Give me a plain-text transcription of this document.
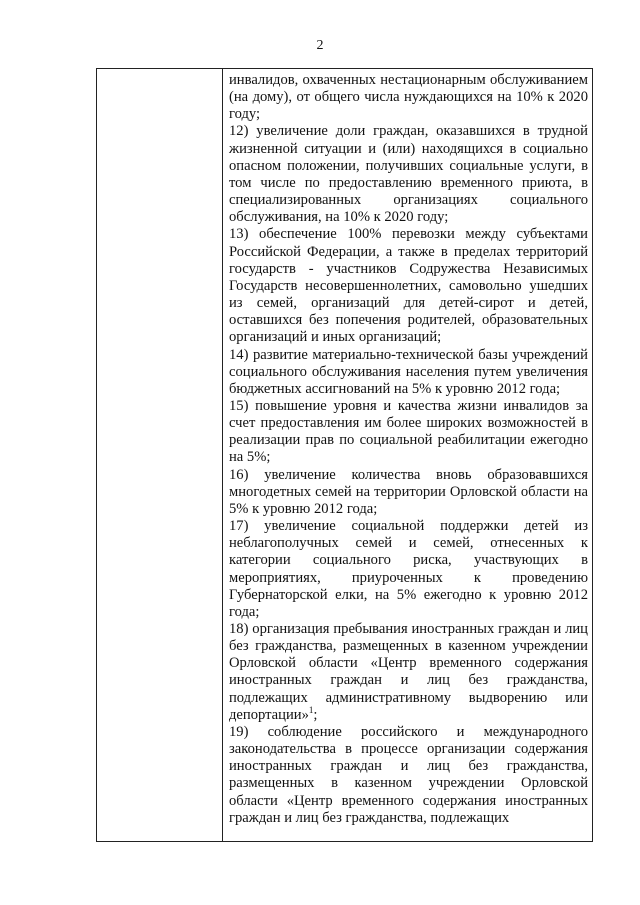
2
инвалидов, охваченных нестационарным обслуживанием
(на дому), от общего числа нуждающихся на 10% к 2020
году;
12) увеличение доли граждан, оказавшихся в трудной
жизненной ситуации и (или) находящихся в социально
опасном положении, получивших социальные услуги, в
том числе по предоставлению временного приюта, в
специализированных организациях социального
обслуживания, на 10% к 2020 году;
13) обеспечение 100% перевозки между субъектами
Российской Федерации, а также в пределах территорий
государств - участников Содружества Независимых
Государств несовершеннолетних, самовольно ушедших
из семей, организаций для детей-сирот и детей,
оставшихся без попечения родителей, образовательных
организаций и иных организаций;
14) развитие материально-технической базы учреждений
социального обслуживания населения путем увеличения
бюджетных ассигнований на 5% к уровню 2012 года;
15) повышение уровня и качества жизни инвалидов за
счет предоставления им более широких возможностей в
реализации прав по социальной реабилитации ежегодно
на 5%;
16) увеличение количества вновь образовавшихся
многодетных семей на территории Орловской области на
5% к уровню 2012 года;
17) увеличение социальной поддержки детей из
неблагополучных семей и семей, отнесенных к
категории социального риска, участвующих в
мероприятиях, приуроченных к проведению
Губернаторской елки, на 5% ежегодно к уровню 2012
года;
18) организация пребывания иностранных граждан и лиц
без гражданства, размещенных в казенном учреждении
Орловской области «Центр временного содержания
иностранных граждан и лиц без гражданства,
подлежащих административному выдворению или
депортации»$^1$;
19) соблюдение российского и международного
законодательства в процессе организации содержания
иностранных граждан и лиц без гражданства,
размещенных в казенном учреждении Орловской
области «Центр временного содержания иностранных
граждан и лиц без гражданства, подлежащих
